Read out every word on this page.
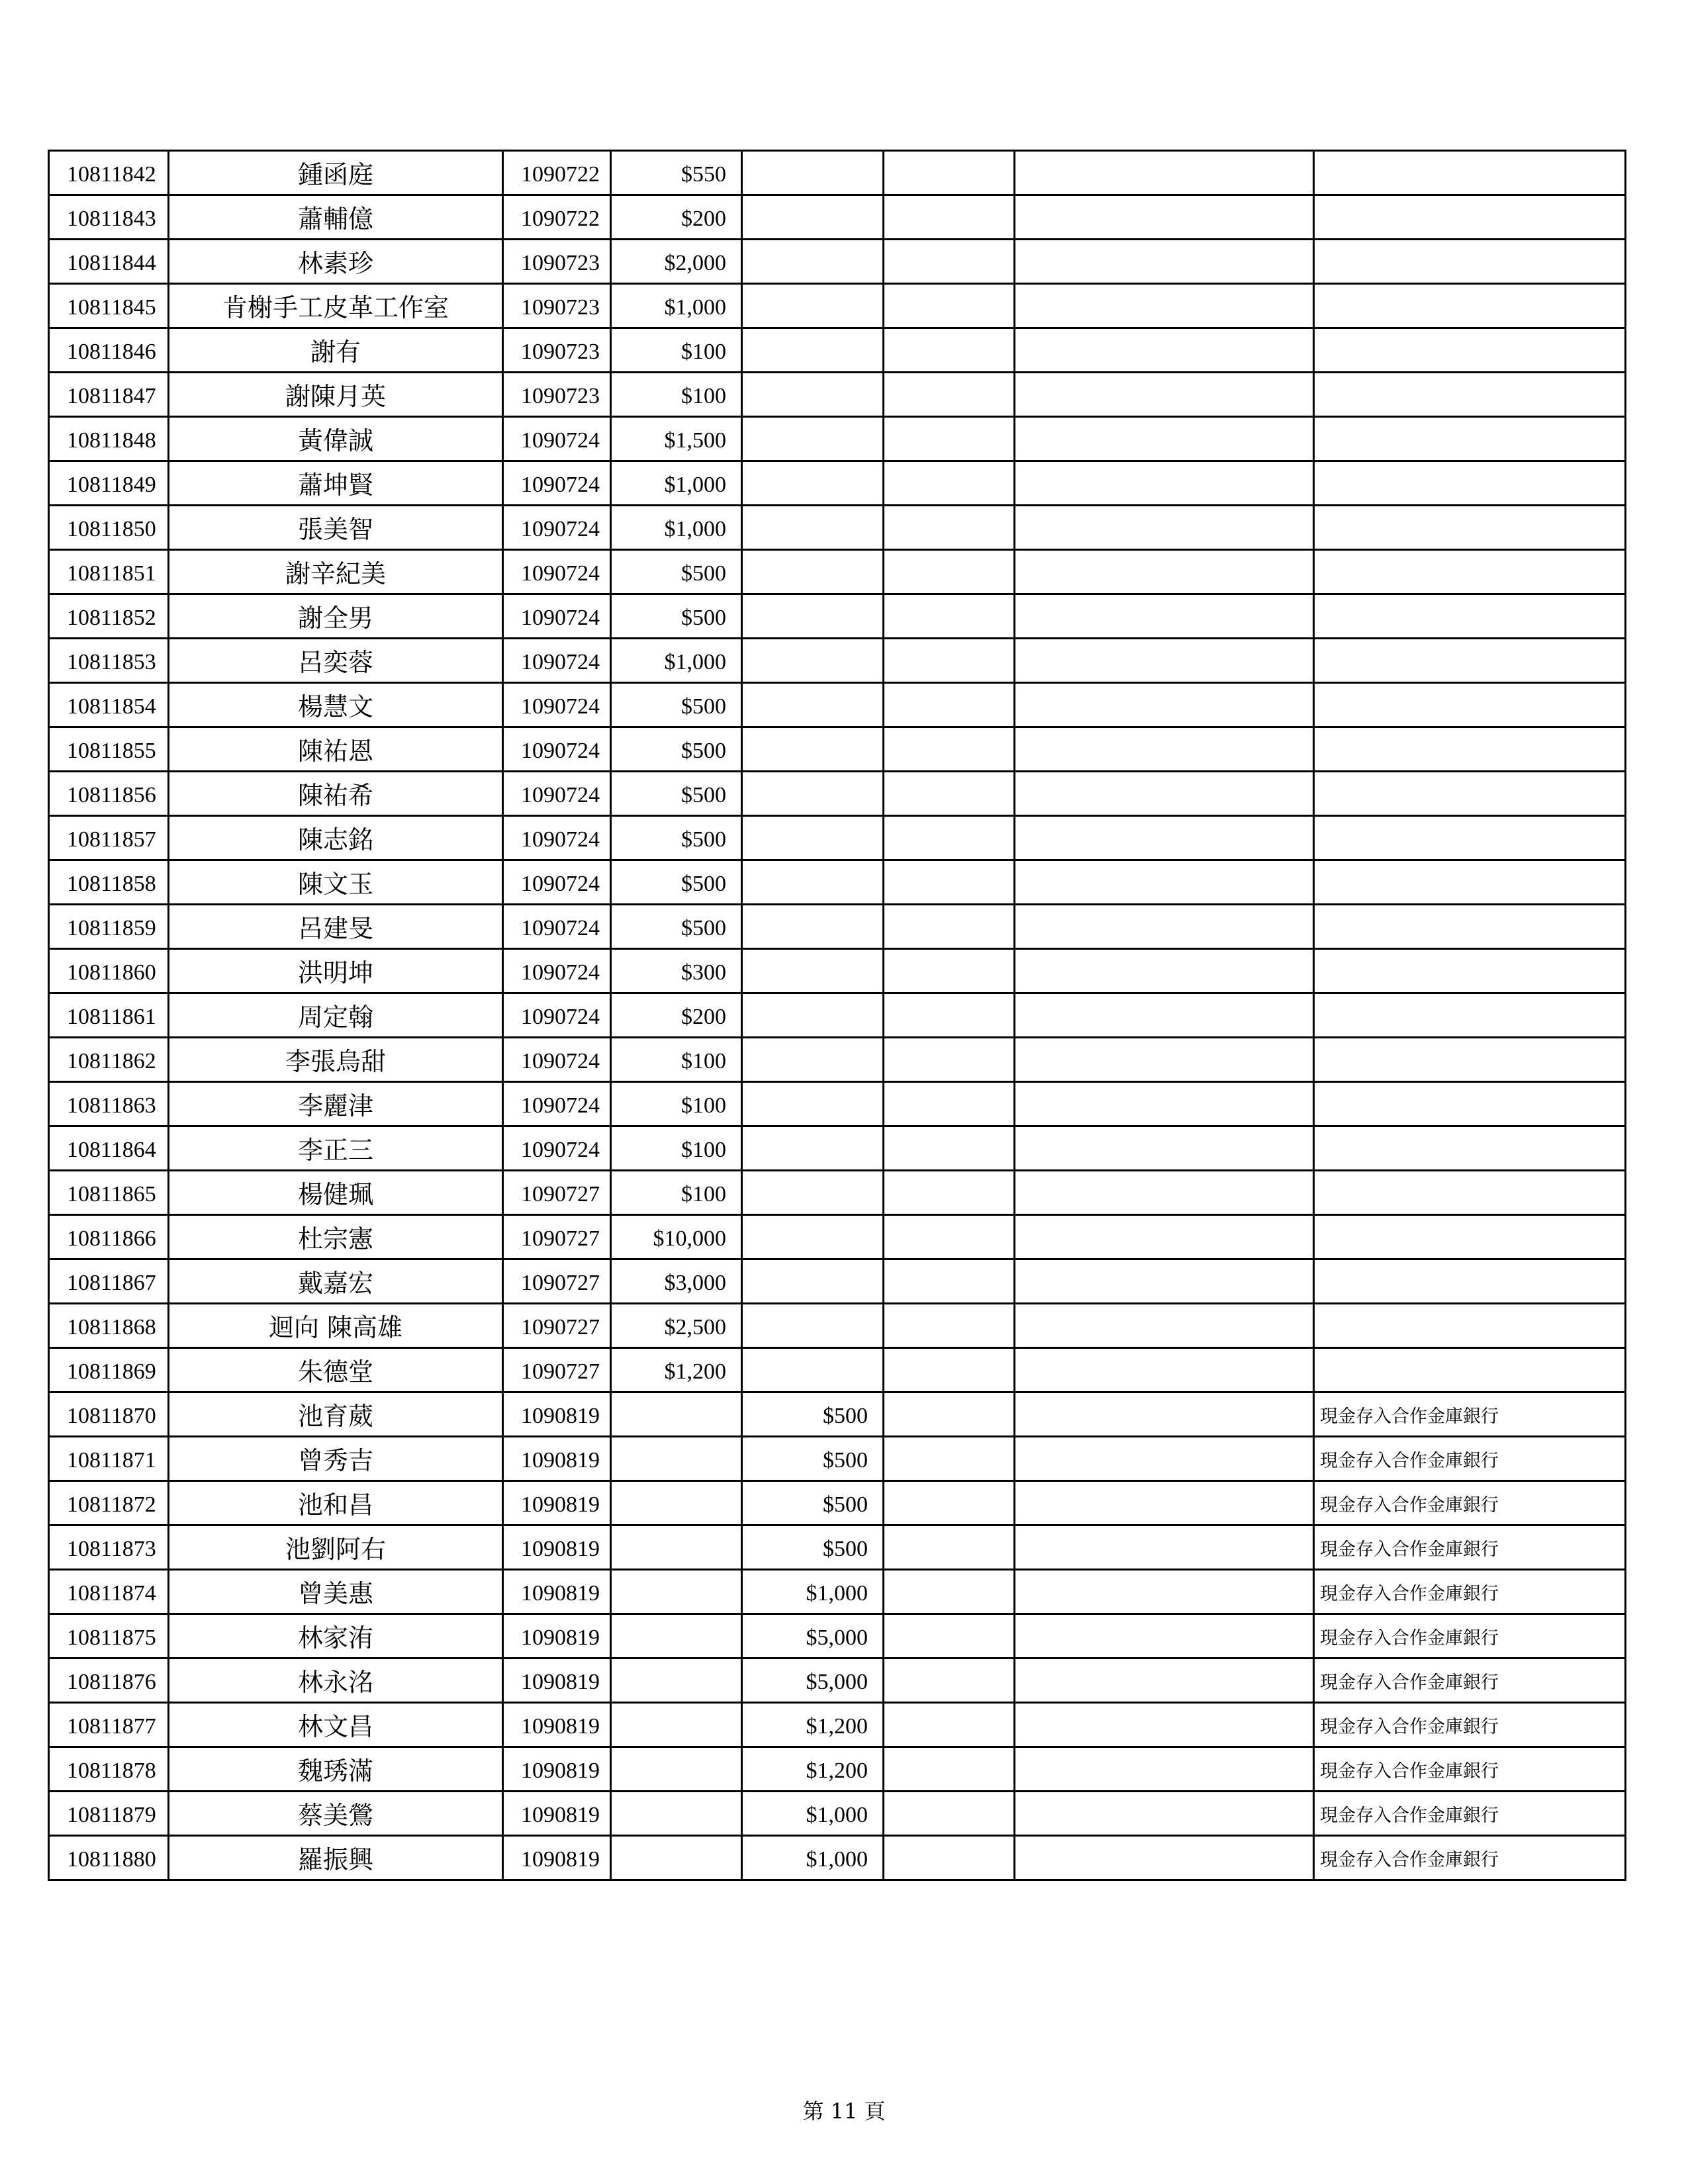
10811842	鍾函庭	1090722	$550				
10811843	蕭輔億	1090722	$200				
10811844	林素珍	1090723	$2,000				
10811845	肯榭手工皮革工作室	1090723	$1,000				
10811846	謝有	1090723	$100				
10811847	謝陳月英	1090723	$100				
10811848	黃偉誠	1090724	$1,500				
10811849	蕭坤賢	1090724	$1,000				
10811850	張美智	1090724	$1,000				
10811851	謝辛紀美	1090724	$500				
10811852	謝全男	1090724	$500				
10811853	呂奕蓉	1090724	$1,000				
10811854	楊慧文	1090724	$500				
10811855	陳祐恩	1090724	$500				
10811856	陳祐希	1090724	$500				
10811857	陳志銘	1090724	$500				
10811858	陳文玉	1090724	$500				
10811859	呂建旻	1090724	$500				
10811860	洪明坤	1090724	$300				
10811861	周定翰	1090724	$200				
10811862	李張烏甜	1090724	$100				
10811863	李麗津	1090724	$100				
10811864	李正三	1090724	$100				
10811865	楊健珮	1090727	$100				
10811866	杜宗憲	1090727	$10,000				
10811867	戴嘉宏	1090727	$3,000				
10811868	迴向 陳高雄	1090727	$2,500				
10811869	朱德堂	1090727	$1,200				
10811870	池育葳	1090819		$500			現金存入合作金庫銀行
10811871	曾秀吉	1090819		$500			現金存入合作金庫銀行
10811872	池和昌	1090819		$500			現金存入合作金庫銀行
10811873	池劉阿右	1090819		$500			現金存入合作金庫銀行
10811874	曾美惠	1090819		$1,000			現金存入合作金庫銀行
10811875	林家洧	1090819		$5,000			現金存入合作金庫銀行
10811876	林永洺	1090819		$5,000			現金存入合作金庫銀行
10811877	林文昌	1090819		$1,200			現金存入合作金庫銀行
10811878	魏琇滿	1090819		$1,200			現金存入合作金庫銀行
10811879	蔡美鶯	1090819		$1,000			現金存入合作金庫銀行
10811880	羅振興	1090819		$1,000			現金存入合作金庫銀行
第 11 頁
